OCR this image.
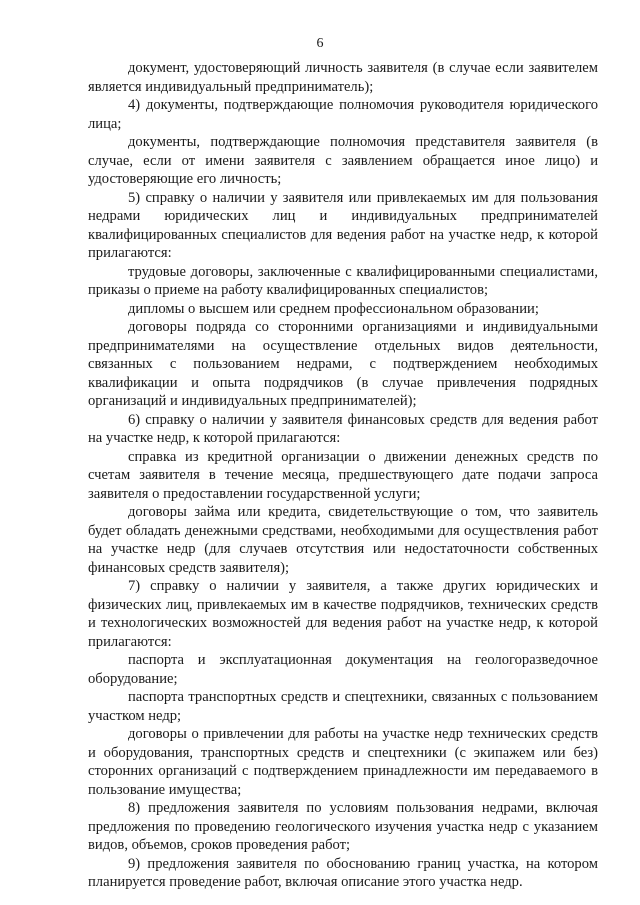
6

документ, удостоверяющий личность заявителя (в случае если заявителем является индивидуальный предприниматель);

4) документы, подтверждающие полномочия руководителя юридического лица;

документы, подтверждающие полномочия представителя заявителя (в случае, если от имени заявителя с заявлением обращается иное лицо) и удостоверяющие его личность;

5) справку о наличии у заявителя или привлекаемых им для пользования недрами юридических лиц и индивидуальных предпринимателей квалифицированных специалистов для ведения работ на участке недр, к которой прилагаются:

трудовые договоры, заключенные с квалифицированными специалистами, приказы о приеме на работу квалифицированных специалистов;

дипломы о высшем или среднем профессиональном образовании;

договоры подряда со сторонними организациями и индивидуальными предпринимателями на осуществление отдельных видов деятельности, связанных с пользованием недрами, с подтверждением необходимых квалификации и опыта подрядчиков (в случае привлечения подрядных организаций и индивидуальных предпринимателей);

6) справку о наличии у заявителя финансовых средств для ведения работ на участке недр, к которой прилагаются:

справка из кредитной организации о движении денежных средств по счетам заявителя в течение месяца, предшествующего дате подачи запроса заявителя о предоставлении государственной услуги;

договоры займа или кредита, свидетельствующие о том, что заявитель будет обладать денежными средствами, необходимыми для осуществления работ на участке недр (для случаев отсутствия или недостаточности собственных финансовых средств заявителя);

7) справку о наличии у заявителя, а также других юридических и физических лиц, привлекаемых им в качестве подрядчиков, технических средств и технологических возможностей для ведения работ на участке недр, к которой прилагаются:

паспорта и эксплуатационная документация на геологоразведочное оборудование;

паспорта транспортных средств и спецтехники, связанных с пользованием участком недр;

договоры о привлечении для работы на участке недр технических средств и оборудования, транспортных средств и спецтехники (с экипажем или без) сторонних организаций с подтверждением принадлежности им передаваемого в пользование имущества;

8) предложения заявителя по условиям пользования недрами, включая предложения по проведению геологического изучения участка недр с указанием видов, объемов, сроков проведения работ;

9) предложения заявителя по обоснованию границ участка, на котором планируется проведение работ, включая описание этого участка недр.
